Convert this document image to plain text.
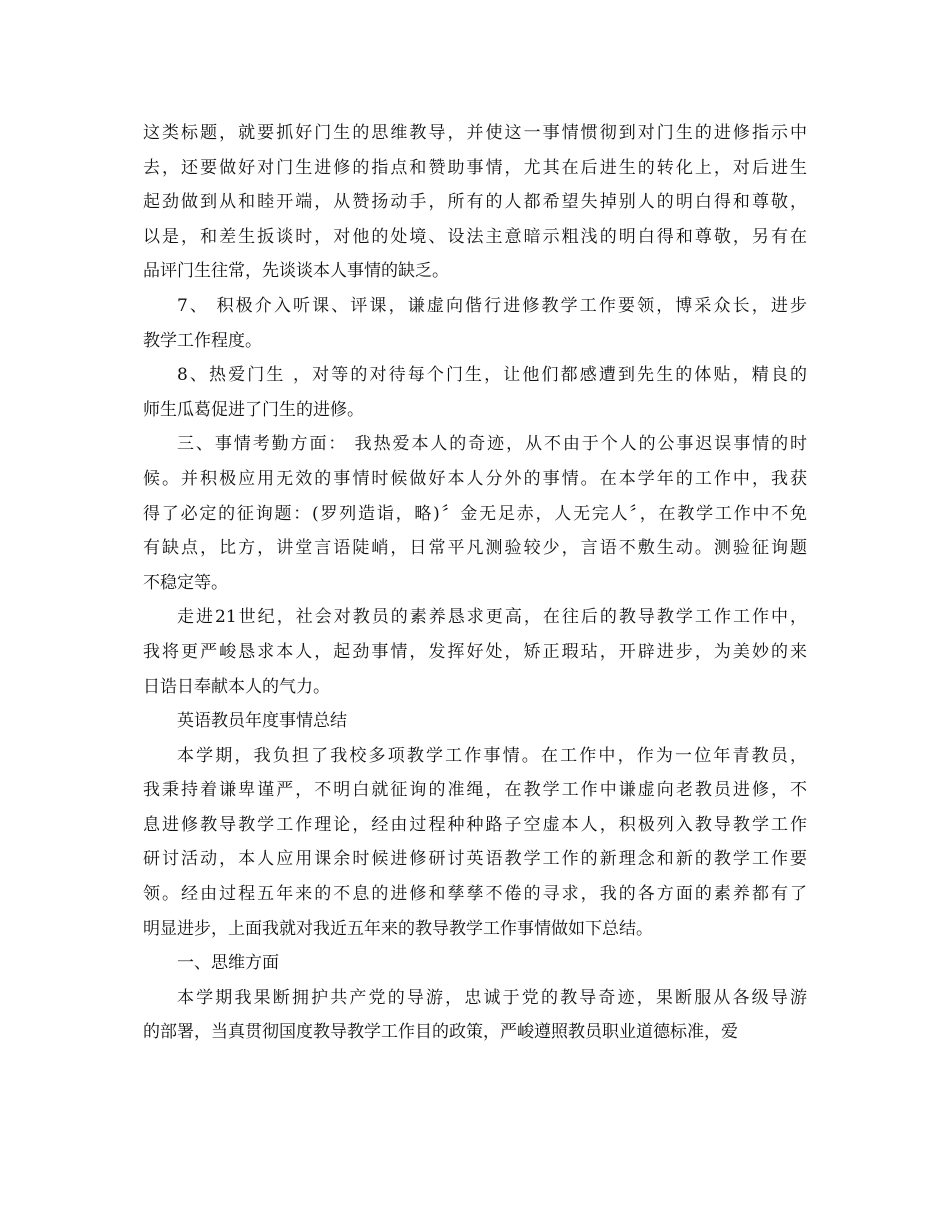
这类标题，就要抓好门生的思维教导，并使这一事情惯彻到对门生的进修指示中
去，还要做好对门生进修的指点和赞助事情，尤其在后进生的转化上，对后进生
起劲做到从和睦开端，从赞扬动手，所有的人都希望失掉别人的明白得和尊敬，
以是，和差生扳谈时，对他的处境、设法主意暗示粗浅的明白得和尊敬，另有在
品评门生往常，先谈谈本人事情的缺乏。

7、 积极介入听课、评课，谦虚向偕行进修教学工作要领，博采众长，进步
教学工作程度。

8、热爱门生 ，对等的对待每个门生，让他们都感遭到先生的体贴，精良的
师生瓜葛促进了门生的进修。

三、事情考勤方面： 我热爱本人的奇迹，从不由于个人的公事迟误事情的时
候。并积极应用无效的事情时候做好本人分外的事情。在本学年的工作中，我获
得了必定的征询题：(罗列造诣，略)〞金无足赤，人无完人〞，在教学工作中不免
有缺点，比方，讲堂言语陡峭，日常平凡测验较少，言语不敷生动。测验征询题
不稳定等。

走进21世纪，社会对教员的素养恳求更高，在往后的教导教学工作工作中，
我将更严峻恳求本人，起劲事情，发挥好处，矫正瑕玷，开辟进步，为美妙的来
日诰日奉献本人的气力。

英语教员年度事情总结

本学期，我负担了我校多项教学工作事情。在工作中，作为一位年青教员，
我秉持着谦卑谨严，不明白就征询的准绳，在教学工作中谦虚向老教员进修，不
息进修教导教学工作理论，经由过程种种路子空虚本人，积极列入教导教学工作
研讨活动，本人应用课余时候进修研讨英语教学工作的新理念和新的教学工作要
领。经由过程五年来的不息的进修和孳孳不倦的寻求，我的各方面的素养都有了
明显进步，上面我就对我近五年来的教导教学工作事情做如下总结。

一、思维方面

本学期我果断拥护共产党的导游，忠诚于党的教导奇迹，果断服从各级导游
的部署，当真贯彻国度教导教学工作目的政策，严峻遵照教员职业道德标准，爱
